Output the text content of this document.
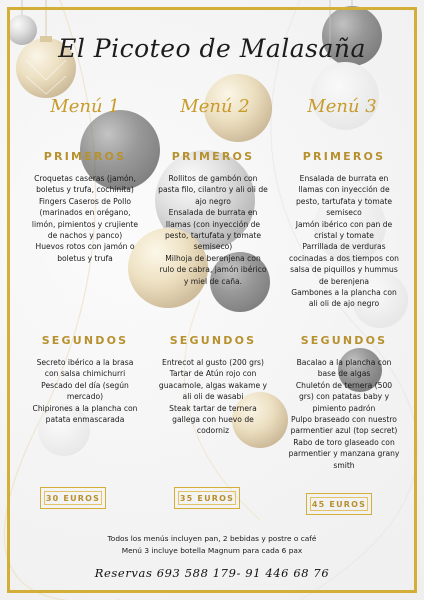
El Picoteo de Malasaña
Menú 1	Menú 2	Menú 3
PRIMEROS	PRIMEROS	PRIMEROS
Croquetas caseras (jamón,
boletus y trufa, cochinita)
Fingers Caseros de Pollo
(marinados en orégano,
limón, pimientos y crujiente
de nachos y panco)
Huevos rotos con jamón o
boletus y trufa
Rollitos de gambón con
pasta filo, cilantro y ali oli de
ajo negro
Ensalada de burrata en
llamas (con inyección de
pesto, tartufata y tomate
semiseco)
Milhoja de berenjena con
rulo de cabra, jamón ibérico
y miel de caña.
Ensalada de burrata en
llamas con inyección de
pesto, tartufata y tomate
semiseco
Jamón ibérico con pan de
cristal y tomate
Parrillada de verduras
cocinadas a dos tiempos con
salsa de piquillos y hummus
de berenjena
Gambones a la plancha con
ali oli de ajo negro
SEGUNDOS	SEGUNDOS	SEGUNDOS
Secreto ibérico a la brasa
con salsa chimichurri
Pescado del día (según
mercado)
Chipirones a la plancha con
patata enmascarada
Entrecot al gusto (200 grs)
Tartar de Atún rojo con
guacamole, algas wakame y
ali oli de wasabi
Steak tartar de ternera
gallega con huevo de
codorniz
Bacalao a la plancha con
base de algas
Chuletón de ternera (500
grs) con patatas baby y
pimiento padrón
Pulpo braseado con nuestro
parmentier azul (top secret)
Rabo de toro glaseado con
parmentier y manzana grany
smith
30 EUROS	35 EUROS
45 EUROS
Todos los menús incluyen pan, 2 bebidas y postre o café
Menú 3 incluye botella Magnum para cada 6 pax
Reservas 693 588 179- 91 446 68 76
